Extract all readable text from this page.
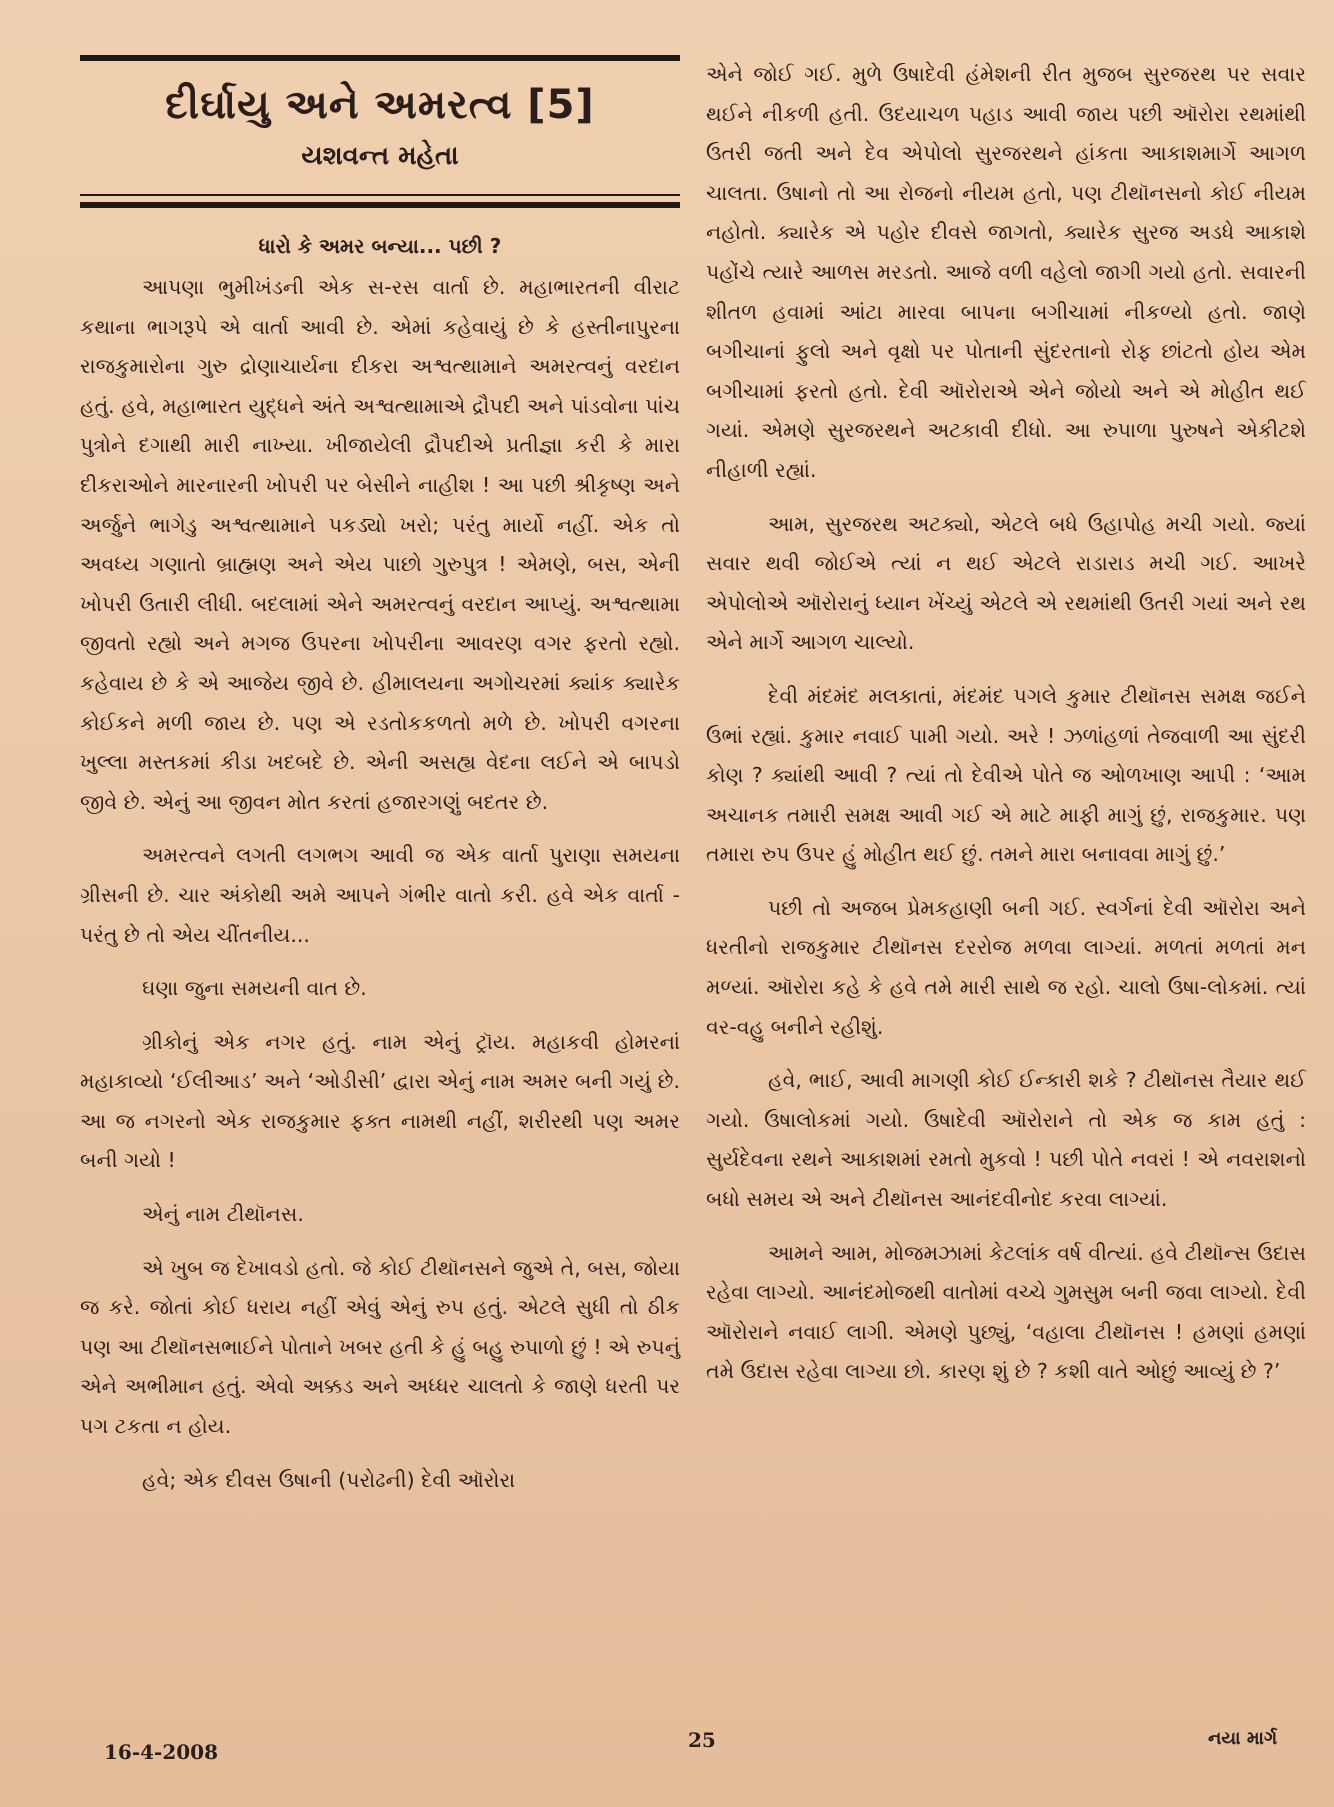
દીર્ઘાયુ અને અમરત્વ [5]
યશવન્ત મહેતા
ધારો કે અમર બન્યા... પછી ?

આપણા ભુમીખંડની એક સ-રસ વાર્તા છે. મહાભારતની વીરાટ કથાના ભાગરૂપે એ વાર્તા આવી છે. એમાં કહેવાયું છે કે હસ્તીનાપુરના રાજકુમારોના ગુરુ દ્રોણાચાર્યના દીકરા અશ્વત્થામાને અમરત્વનું વરદાન હતું. હવે, મહાભારત યુદ્ધને અંતે અશ્વત્થામાએ દ્રૌપદી અને પાંડવોના પાંચ પુત્રોને દગાથી મારી નાખ્યા. ખીજાયેલી દ્રૌપદીએ પ્રતીજ્ઞા કરી કે મારા દીકરાઓને મારનારની ખોપરી પર બેસીને નાહીશ ! આ પછી શ્રીકૃષ્ણ અને અર્જુને ભાગેડુ અશ્વત્થામાને પકડ્યો ખરો; પરંતુ માર્યો નહીં. એક તો અવધ્ય ગણાતો બ્રાહ્મણ અને એય પાછો ગુરુપુત્ર ! એમણે, બસ, એની ખોપરી ઉતારી લીધી. બદલામાં એને અમરત્વનું વરદાન આપ્યું. અશ્વત્થામા જીવતો રહ્યો અને મગજ ઉપરના ખોપરીના આવરણ વગર ફરતો રહ્યો. કહેવાય છે કે એ આજેય જીવે છે. હીમાલયના અગોચરમાં ક્યાંક ક્યારેક કોઈકને મળી જાય છે. પણ એ રડતોકકળતો મળે છે. ખોપરી વગરના ખુલ્લા મસ્તકમાં કીડા ખદબદે છે. એની અસહ્ય વેદના લઈને એ બાપડો જીવે છે. એનું આ જીવન મોત કરતાં હજારગણું બદતર છે.

અમરત્વને લગતી લગભગ આવી જ એક વાર્તા પુરાણા સમયના ગ્રીસની છે. ચાર અંકોથી અમે આપને ગંભીર વાતો કરી. હવે એક વાર્તા - પરંતુ છે તો એય ચીંતનીય...

ઘણા જુના સમયની વાત છે.

ગ્રીકોનું એક નગર હતું. નામ એનું ટ્રૉય. મહાકવી હોમરનાં મહાકાવ્યો ‘ઈલીઆડ’ અને ‘ઓડીસી’ દ્વારા એનું નામ અમર બની ગયું છે. આ જ નગરનો એક રાજકુમાર ફક્ત નામથી નહીં, શરીરથી પણ અમર બની ગયો !

એનું નામ ટીથૉનસ.

એ ખુબ જ દેખાવડો હતો. જે કોઈ ટીથૉનસને જુએ તે, બસ, જોયા જ કરે. જોતાં કોઈ ધરાય નહીં એવું એનું રુપ હતું. એટલે સુધી તો ઠીક પણ આ ટીથૉનસભાઈને પોતાને ખબર હતી કે હું બહુ રુપાળો છું ! એ રુપનું એને અભીમાન હતું. એવો અક્કડ અને અધ્ધર ચાલતો કે જાણે ધરતી પર પગ ટકતા ન હોય.

હવે; એક દીવસ ઉષાની (પરોઢની) દેવી ઑરોરા

એને જોઈ ગઈ. મુળે ઉષાદેવી હંમેશની રીત મુજબ સુરજરથ પર સવાર થઈને નીકળી હતી. ઉદયાચળ પહાડ આવી જાય પછી ઑરોરા રથમાંથી ઉતરી જતી અને દેવ એપોલો સુરજરથને હાંકતા આકાશમાર્ગે આગળ ચાલતા. ઉષાનો તો આ રોજનો નીયમ હતો, પણ ટીથૉનસનો કોઈ નીયમ નહોતો. ક્યારેક એ પહોર દીવસે જાગતો, ક્યારેક સુરજ અડધે આકાશે પહોંચે ત્યારે આળસ મરડતો. આજે વળી વહેલો જાગી ગયો હતો. સવારની શીતળ હવામાં આંટા મારવા બાપના બગીચામાં નીકળ્યો હતો. જાણે બગીચાનાં ફુલો અને વૃક્ષો પર પોતાની સુંદરતાનો રોફ છાંટતો હોય એમ બગીચામાં ફરતો હતો. દેવી ઑરોરાએ એને જોયો અને એ મોહીત થઈ ગયાં. એમણે સુરજરથને અટકાવી દીધો. આ રુપાળા પુરુષને એકીટશે નીહાળી રહ્યાં.

આમ, સુરજરથ અટક્યો, એટલે બધે ઉહાપોહ મચી ગયો. જ્યાં સવાર થવી જોઈએ ત્યાં ન થઈ એટલે રાડારાડ મચી ગઈ. આખરે એપોલોએ ઑરોરાનું ધ્યાન ખેંચ્યું એટલે એ રથમાંથી ઉતરી ગયાં અને રથ એને માર્ગે આગળ ચાલ્યો.

દેવી મંદમંદ મલકાતાં, મંદમંદ પગલે કુમાર ટીથૉનસ સમક્ષ જઈને ઉભાં રહ્યાં. કુમાર નવાઈ પામી ગયો. અરે ! ઝળાંહળાં તેજવાળી આ સુંદરી કોણ ? ક્યાંથી આવી ? ત્યાં તો દેવીએ પોતે જ ઓળખાણ આપી : ‘આમ અચાનક તમારી સમક્ષ આવી ગઈ એ માટે માફી માગું છું, રાજકુમાર. પણ તમારા રુપ ઉપર હું મોહીત થઈ છું. તમને મારા બનાવવા માગું છું.’

પછી તો અજબ પ્રેમકહાણી બની ગઈ. સ્વર્ગનાં દેવી ઑરોરા અને ધરતીનો રાજકુમાર ટીથૉનસ દરરોજ મળવા લાગ્યાં. મળતાં મળતાં મન મળ્યાં. ઑરોરા કહે કે હવે તમે મારી સાથે જ રહો. ચાલો ઉષા-લોકમાં. ત્યાં વર-વહુ બનીને રહીશું.

હવે, ભાઈ, આવી માગણી કોઈ ઈન્કારી શકે ? ટીથૉનસ તૈયાર થઈ ગયો. ઉષાલોકમાં ગયો. ઉષાદેવી ઑરોરાને તો એક જ કામ હતું : સુર્યદેવના રથને આકાશમાં રમતો મુકવો ! પછી પોતે નવરાં ! એ નવરાશનો બધો સમય એ અને ટીથૉનસ આનંદવીનોદ કરવા લાગ્યાં.

આમને આમ, મોજમઝામાં કેટલાંક વર્ષ વીત્યાં. હવે ટીથૉન્સ ઉદાસ રહેવા લાગ્યો. આનંદમોજથી વાતોમાં વચ્ચે ગુમસુમ બની જવા લાગ્યો. દેવી ઑરોરાને નવાઈ લાગી. એમણે પુછ્યું, ‘વહાલા ટીથૉનસ ! હમણાં હમણાં તમે ઉદાસ રહેવા લાગ્યા છો. કારણ શું છે ? કશી વાતે ઓછું આવ્યું છે ?’

16-4-2008	25	નયા માર્ગ
